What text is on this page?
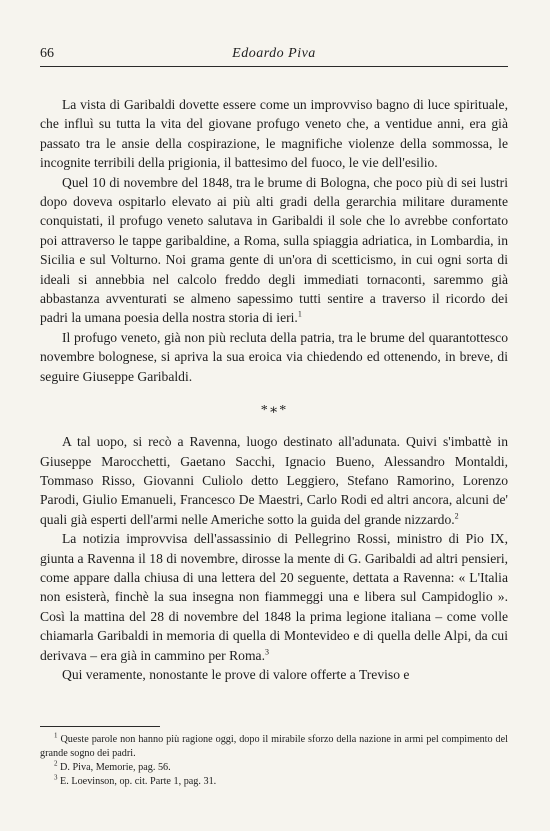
66	Edoardo Piva

La vista di Garibaldi dovette essere come un improvviso bagno di luce spirituale, che influì su tutta la vita del giovane profugo veneto che, a ventidue anni, era già passato tra le ansie della cospirazione, le magnifiche violenze della sommossa, le incognite terribili della prigionia, il battesimo del fuoco, le vie dell'esilio.

Quel 10 di novembre del 1848, tra le brume di Bologna, che poco più di sei lustri dopo doveva ospitarlo elevato ai più alti gradi della gerarchia militare duramente conquistati, il profugo veneto salutava in Garibaldi il sole che lo avrebbe confortato poi attraverso le tappe garibaldine, a Roma, sulla spiaggia adriatica, in Lombardia, in Sicilia e sul Volturno. Noi grama gente di un'ora di scetticismo, in cui ogni sorta di ideali si annebbia nel calcolo freddo degli immediati tornaconti, saremmo già abbastanza avventurati se almeno sapessimo tutti sentire a traverso il ricordo dei padri la umana poesia della nostra storia di ieri.$^1$

Il profugo veneto, già non più recluta della patria, tra le brume del quarantottesco novembre bolognese, si apriva la sua eroica via chiedendo ed ottenendo, in breve, di seguire Giuseppe Garibaldi.

*∗*

A tal uopo, si recò a Ravenna, luogo destinato all'adunata. Quivi s'imbattè in Giuseppe Marocchetti, Gaetano Sacchi, Ignacio Bueno, Alessandro Montaldi, Tommaso Risso, Giovanni Culiolo detto Leggiero, Stefano Ramorino, Lorenzo Parodi, Giulio Emanueli, Francesco De Maestri, Carlo Rodi ed altri ancora, alcuni de' quali già esperti dell'armi nelle Americhe sotto la guida del grande nizzardo.$^2$

La notizia improvvisa dell'assassinio di Pellegrino Rossi, ministro di Pio IX, giunta a Ravenna il 18 di novembre, dirosse la mente di G. Garibaldi ad altri pensieri, come appare dalla chiusa di una lettera del 20 seguente, dettata a Ravenna: « L'Italia non esisterà, finchè la sua insegna non fiammeggi una e libera sul Campidoglio ». Così la mattina del 28 di novembre del 1848 la prima legione italiana – come volle chiamarla Garibaldi in memoria di quella di Montevideo e di quella delle Alpi, da cui derivava – era già in cammino per Roma.$^3$

Qui veramente, nonostante le prove di valore offerte a Treviso e

$^1$ Queste parole non hanno più ragione oggi, dopo il mirabile sforzo della nazione in armi pel compimento del grande sogno dei padri.

$^2$ D. Piva, Memorie, pag. 56.

$^3$ E. Loevinson, op. cit. Parte 1, pag. 31.
